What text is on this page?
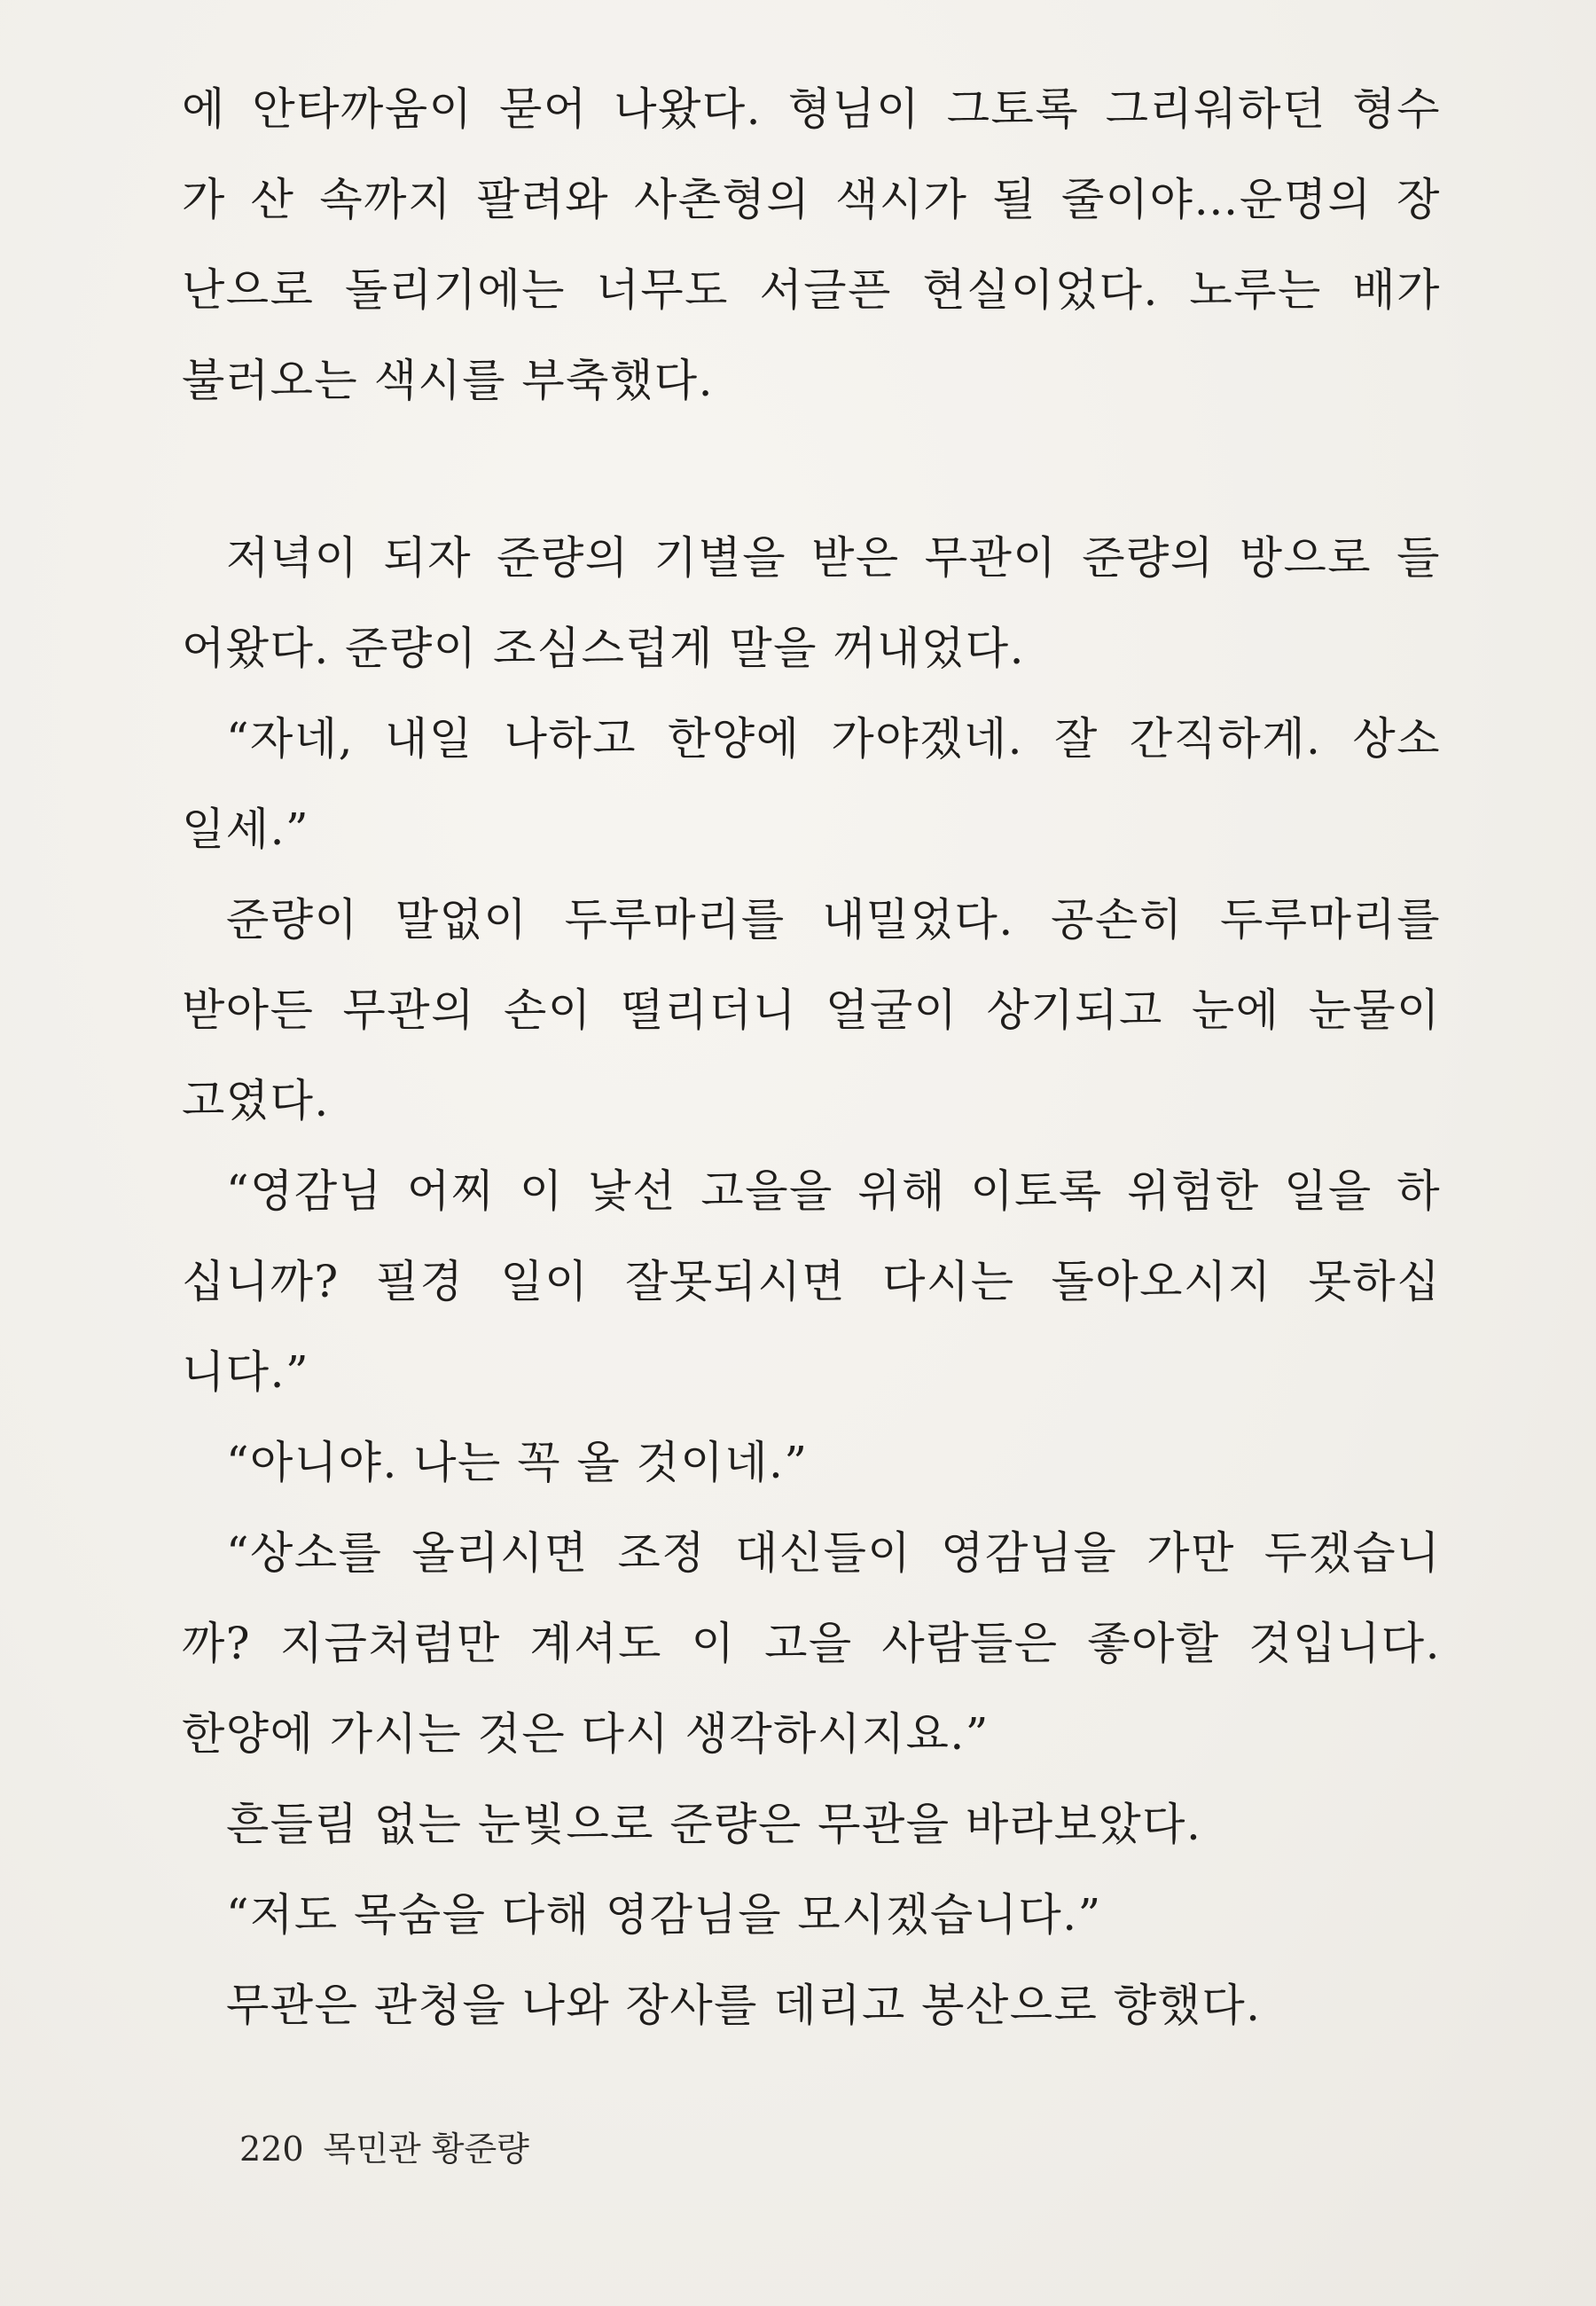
에 안타까움이 묻어 나왔다. 형님이 그토록 그리워하던 형수
가 산 속까지 팔려와 사촌형의 색시가 될 줄이야…운명의 장
난으로 돌리기에는 너무도 서글픈 현실이었다. 노루는 배가
불러오는 색시를 부축했다.
저녁이 되자 준량의 기별을 받은 무관이 준량의 방으로 들
어왔다. 준량이 조심스럽게 말을 꺼내었다.
“자네, 내일 나하고 한양에 가야겠네. 잘 간직하게. 상소
일세.”
준량이 말없이 두루마리를 내밀었다. 공손히 두루마리를
받아든 무관의 손이 떨리더니 얼굴이 상기되고 눈에 눈물이
고였다.
“영감님 어찌 이 낯선 고을을 위해 이토록 위험한 일을 하
십니까? 필경 일이 잘못되시면 다시는 돌아오시지 못하십
니다.”
“아니야. 나는 꼭 올 것이네.”
“상소를 올리시면 조정 대신들이 영감님을 가만 두겠습니
까? 지금처럼만 계셔도 이 고을 사람들은 좋아할 것입니다.
한양에 가시는 것은 다시 생각하시지요.”
흔들림 없는 눈빛으로 준량은 무관을 바라보았다.
“저도 목숨을 다해 영감님을 모시겠습니다.”
무관은 관청을 나와 장사를 데리고 봉산으로 향했다.
220 목민관 황준량
